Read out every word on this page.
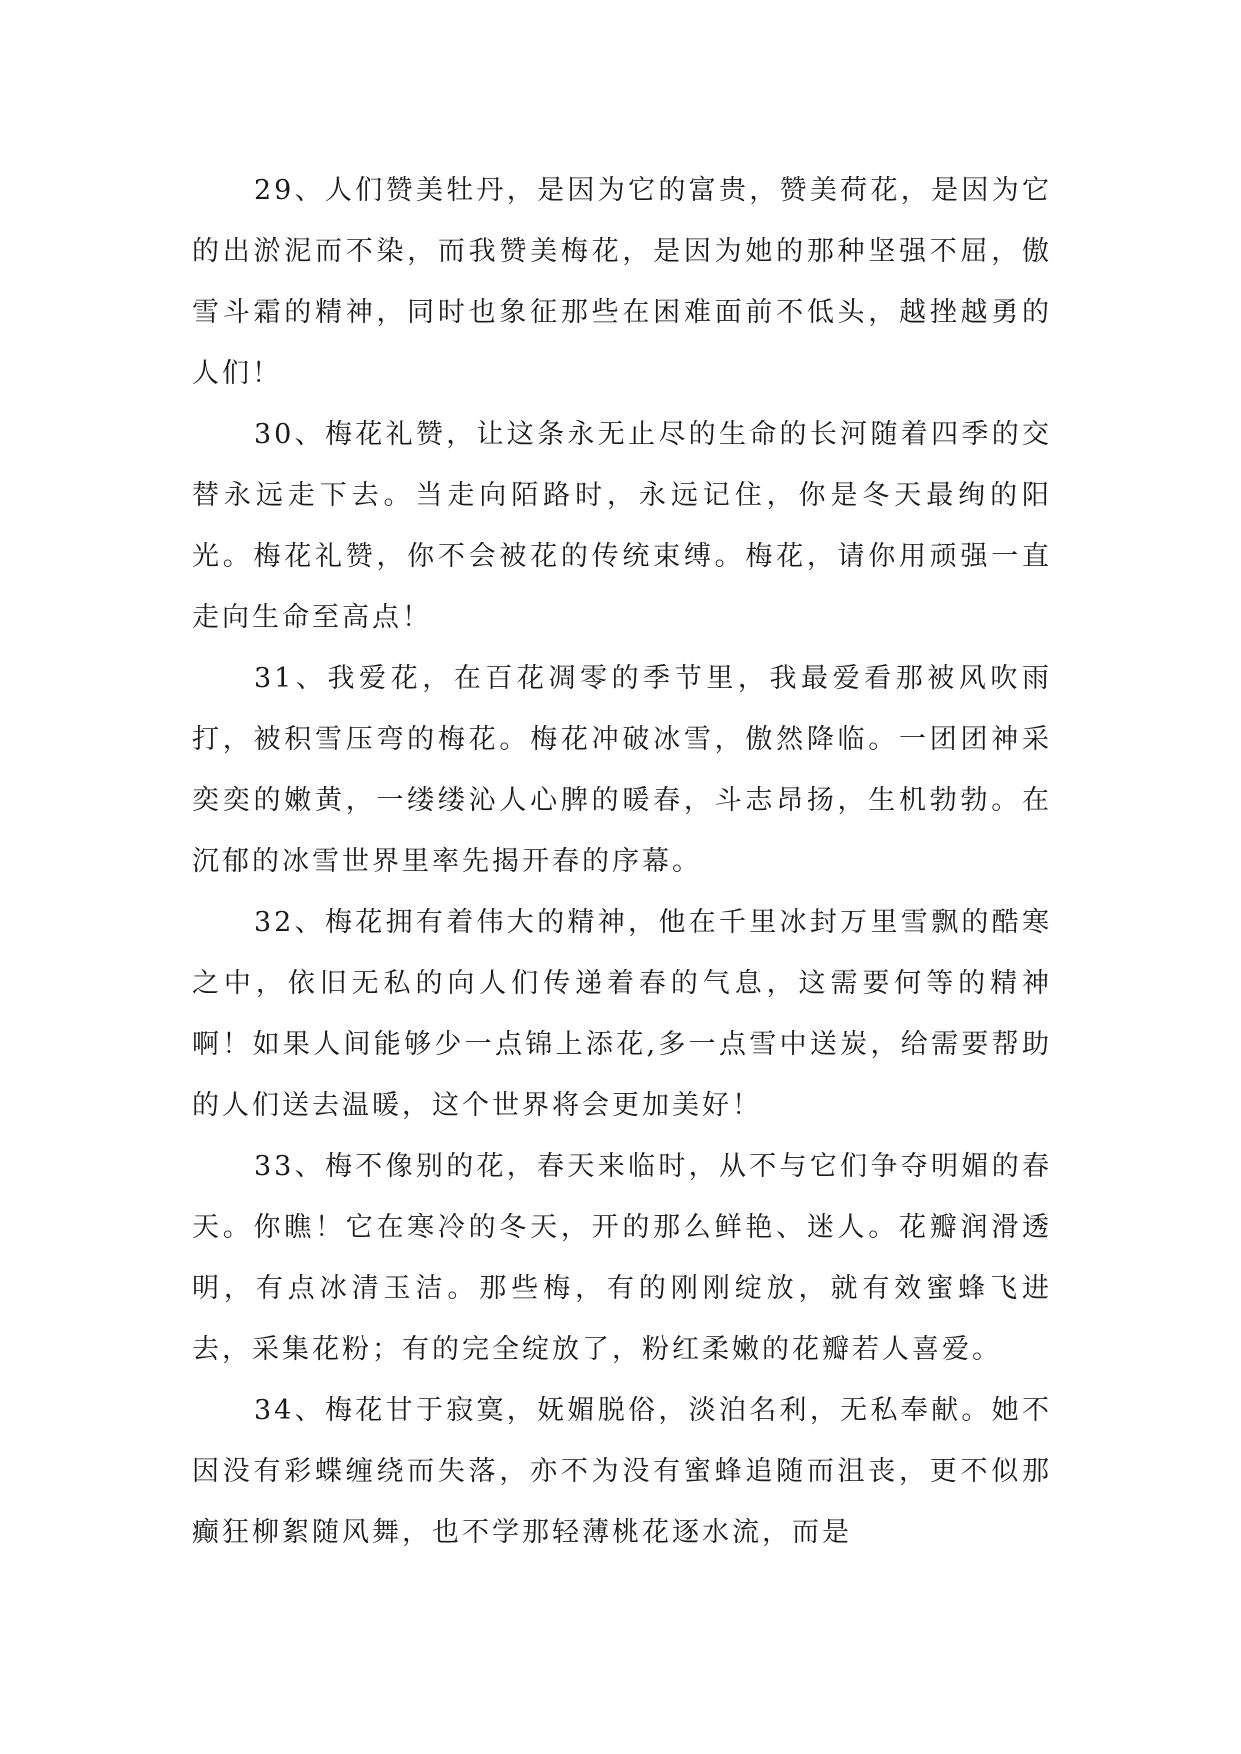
29、人们赞美牡丹，是因为它的富贵，赞美荷花，是因为它的出淤泥而不染，而我赞美梅花，是因为她的那种坚强不屈，傲雪斗霜的精神，同时也象征那些在困难面前不低头，越挫越勇的人们！

30、梅花礼赞，让这条永无止尽的生命的长河随着四季的交替永远走下去。当走向陌路时，永远记住，你是冬天最绚的阳光。梅花礼赞，你不会被花的传统束缚。梅花，请你用顽强一直走向生命至高点！

31、我爱花，在百花凋零的季节里，我最爱看那被风吹雨打，被积雪压弯的梅花。梅花冲破冰雪，傲然降临。一团团神采奕奕的嫩黄，一缕缕沁人心脾的暖春，斗志昂扬，生机勃勃。在沉郁的冰雪世界里率先揭开春的序幕。

32、梅花拥有着伟大的精神，他在千里冰封万里雪飘的酷寒之中，依旧无私的向人们传递着春的气息，这需要何等的精神啊！如果人间能够少一点锦上添花,多一点雪中送炭，给需要帮助的人们送去温暖，这个世界将会更加美好！

33、梅不像别的花，春天来临时，从不与它们争夺明媚的春天。你瞧！它在寒冷的冬天，开的那么鲜艳、迷人。花瓣润滑透明，有点冰清玉洁。那些梅，有的刚刚绽放，就有效蜜蜂飞进去，采集花粉；有的完全绽放了，粉红柔嫩的花瓣若人喜爱。

34、梅花甘于寂寞，妩媚脱俗，淡泊名利，无私奉献。她不因没有彩蝶缠绕而失落，亦不为没有蜜蜂追随而沮丧，更不似那癫狂柳絮随风舞，也不学那轻薄桃花逐水流，而是
